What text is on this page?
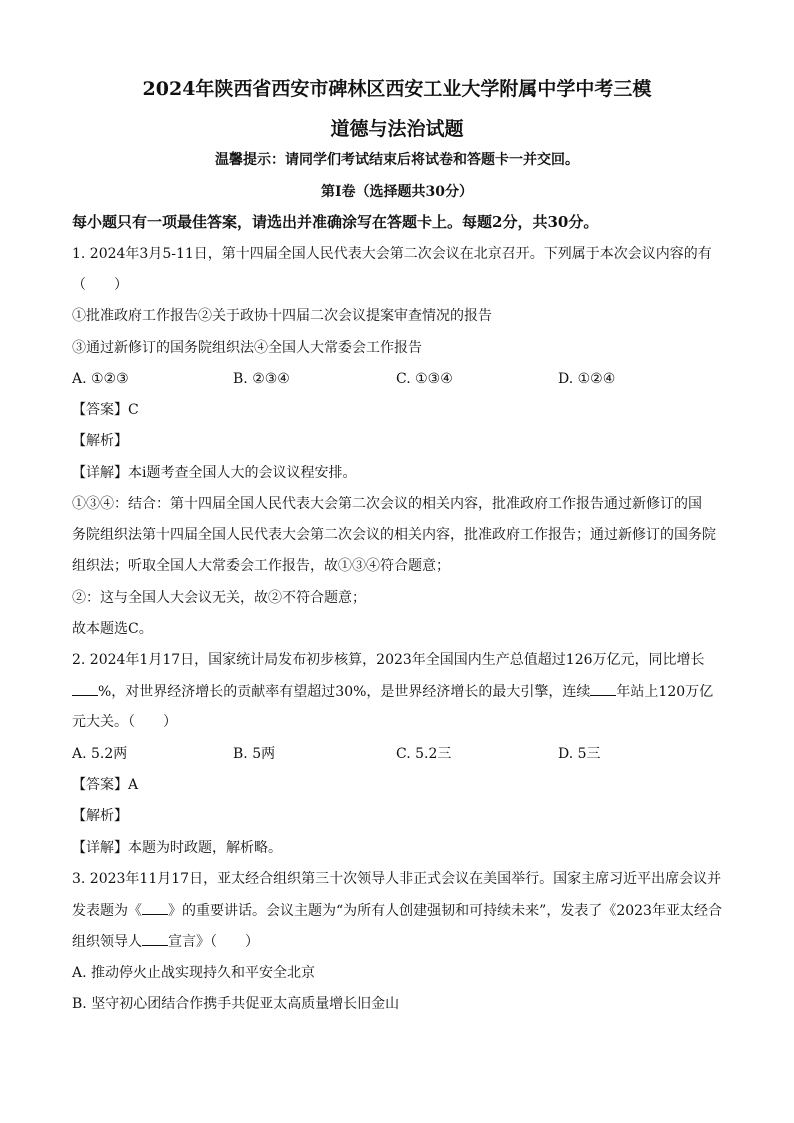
2024年陕西省西安市碑林区西安工业大学附属中学中考三模
道德与法治试题
温馨提示：请同学们考试结束后将试卷和答题卡一并交回。
第Ⅰ卷（选择题共30分）
每小题只有一项最佳答案，请选出并准确涂写在答题卡上。每题2分，共30分。
1. 2024年3月5-11日，第十四届全国人民代表大会第二次会议在北京召开。下列属于本次会议内容的有
（　　）
①批准政府工作报告②关于政协十四届二次会议提案审查情况的报告
③通过新修订的国务院组织法④全国人大常委会工作报告
A. ①②③	B. ②③④	C. ①③④	D. ①②④
【答案】C
【解析】
【详解】本i题考查全国人大的会议议程安排。
①③④：结合：第十四届全国人民代表大会第二次会议的相关内容，批准政府工作报告通过新修订的国
务院组织法第十四届全国人民代表大会第二次会议的相关内容，批准政府工作报告；通过新修订的国务院
组织法；听取全国人大常委会工作报告，故①③④符合题意；
②：这与全国人大会议无关，故②不符合题意；
故本题选C。
2. 2024年1月17日，国家统计局发布初步核算，2023年全国国内生产总值超过126万亿元，同比增长
%，对世界经济增长的贡献率有望超过30%，是世界经济增长的最大引擎，连续 年站上120万亿
元大关。（　　）
A. 5.2两	B. 5两	C. 5.2三	D. 5三
【答案】A
【解析】
【详解】本题为时政题，解析略。
3. 2023年11月17日，亚太经合组织第三十次领导人非正式会议在美国举行。国家主席习近平出席会议并
发表题为《 》的重要讲话。会议主题为“为所有人创建强韧和可持续未来”，发表了《2023年亚太经合
组织领导人 宣言》（　　）
A. 推动停火止战实现持久和平安全北京
B. 坚守初心团结合作携手共促亚太高质量增长旧金山
